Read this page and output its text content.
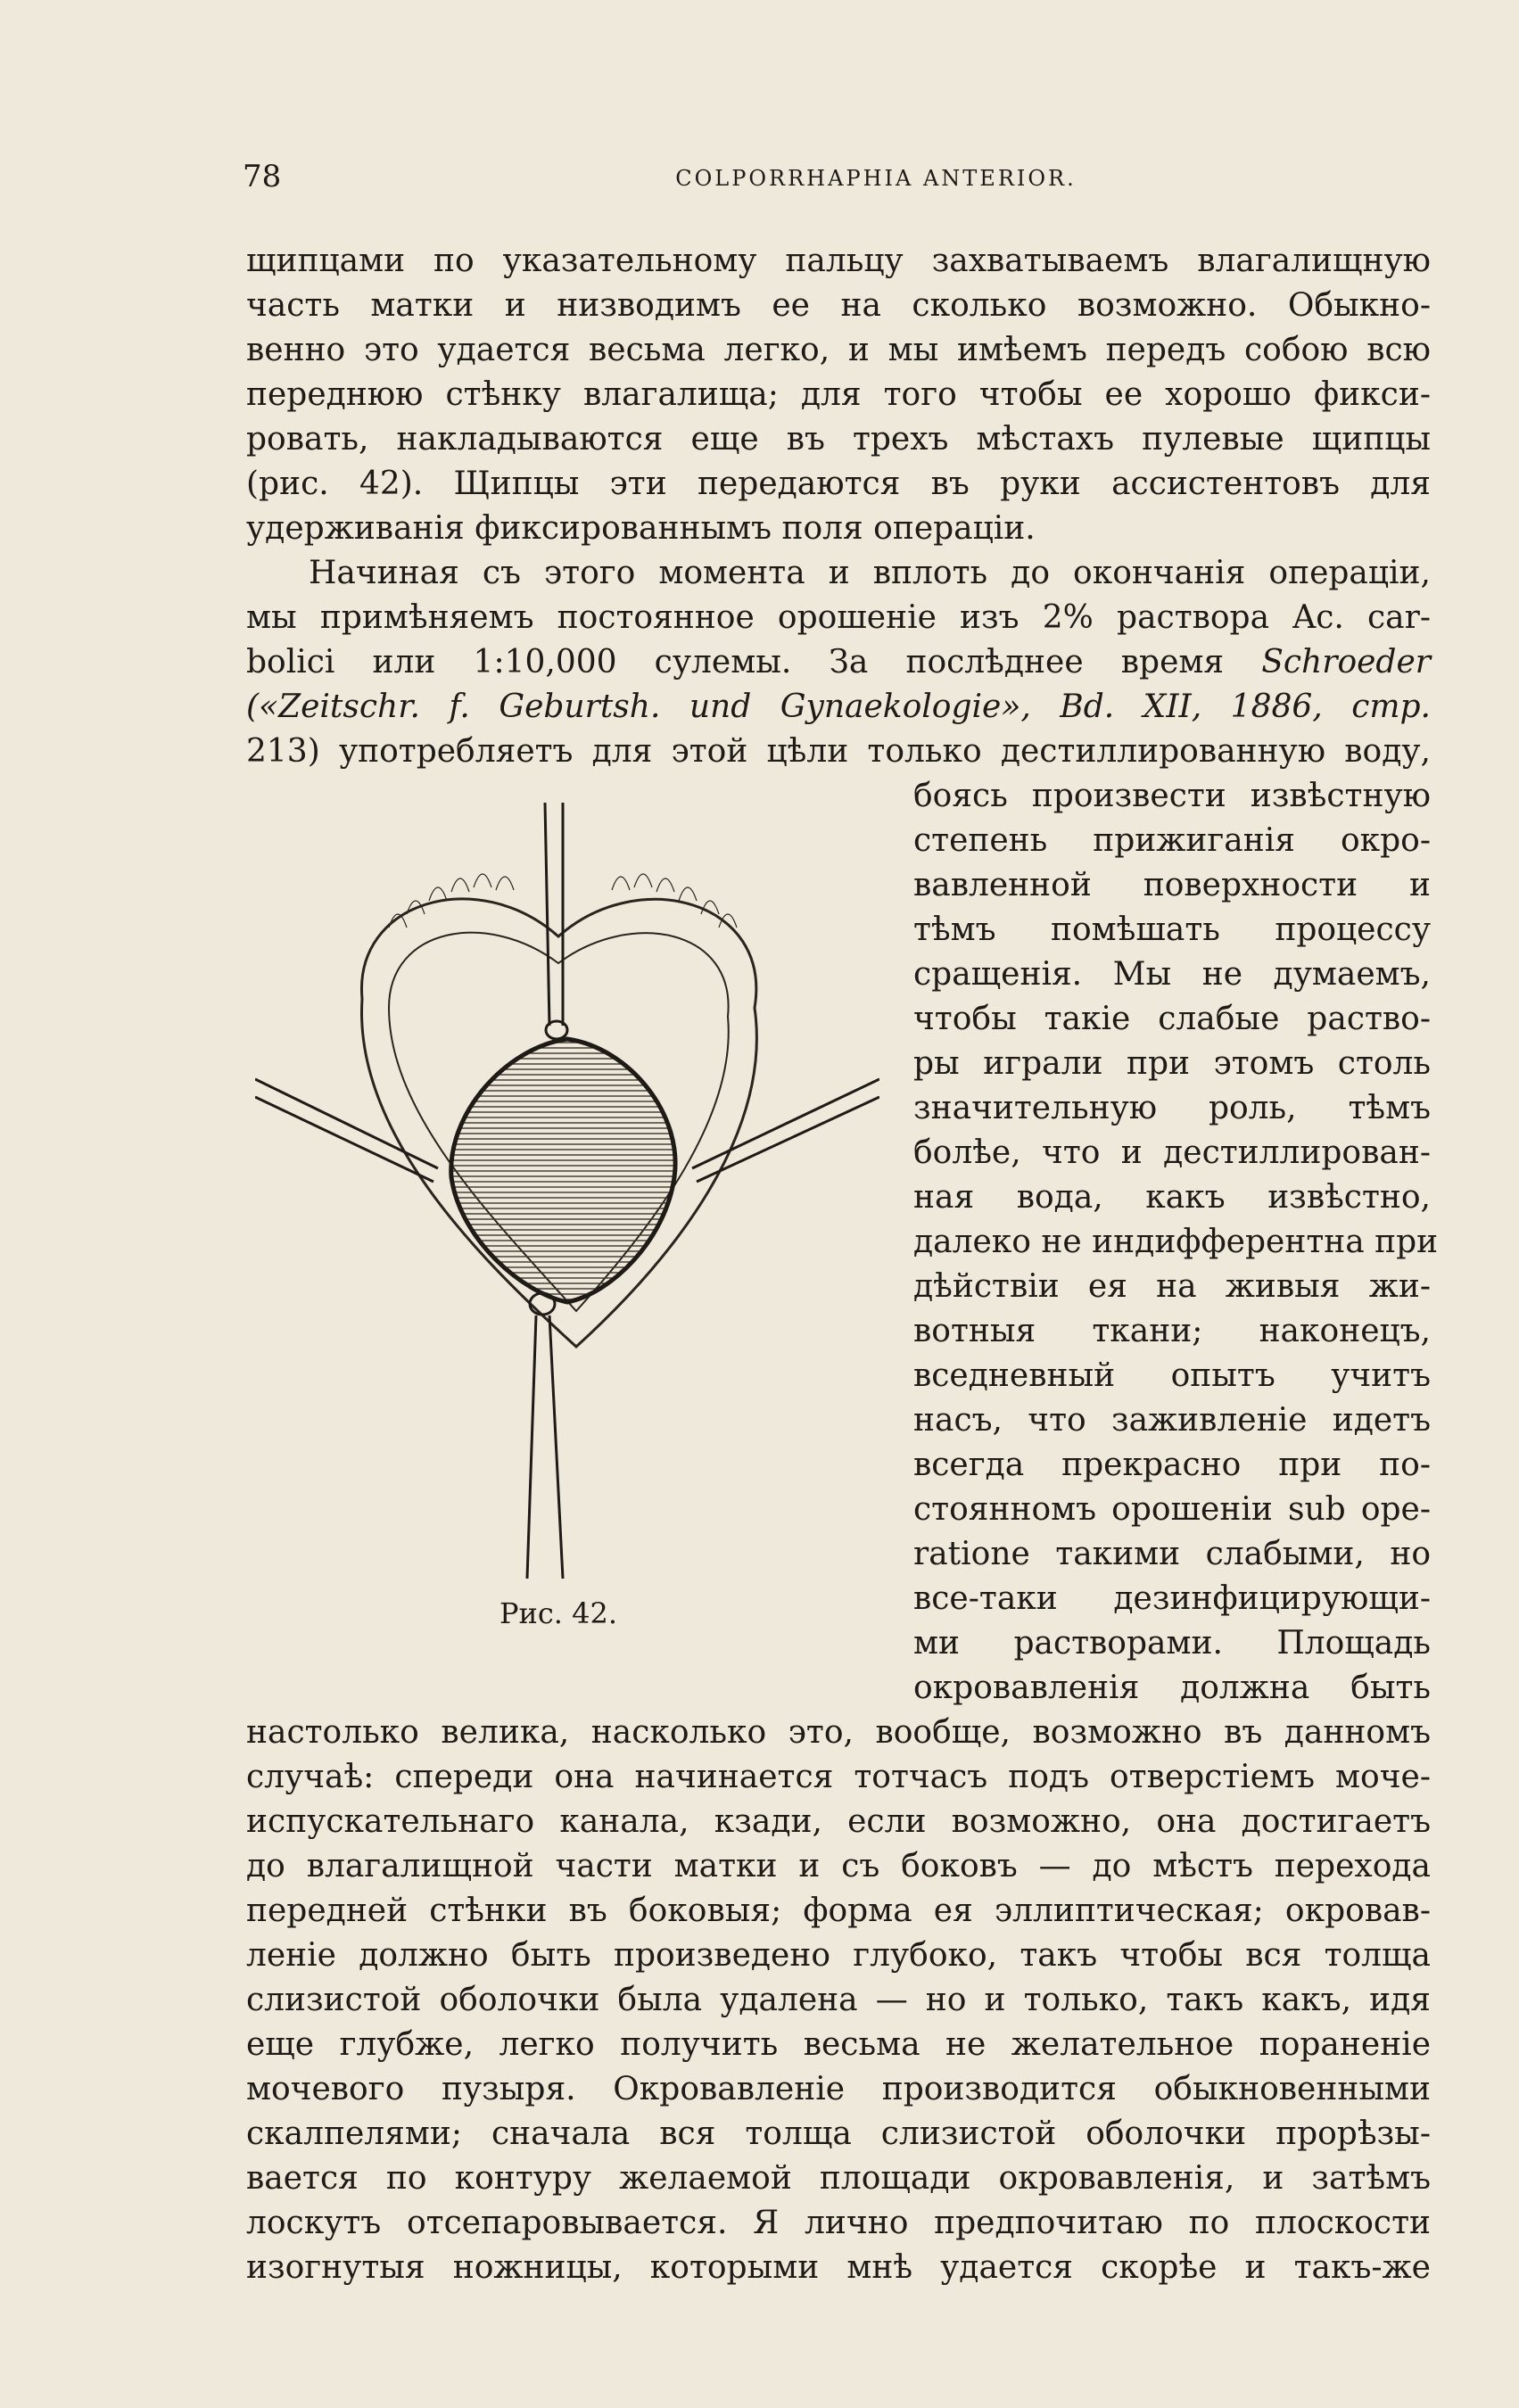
78	COLPORRHAPHIA ANTERIOR.
щипцами по указательному пальцу захватываемъ влагалищную
часть матки и низводимъ ее на сколько возможно. Обыкно-
венно это удается весьма легко, и мы имѣемъ передъ собою всю
переднюю стѣнку влагалища; для того чтобы ее хорошо фикси-
ровать, накладываются еще въ трехъ мѣстахъ пулевые щипцы
(рис. 42). Щипцы эти передаются въ руки ассистентовъ для
удерживанія фиксированнымъ поля операціи.
Начиная съ этого момента и вплоть до окончанія операціи,
мы примѣняемъ постоянное орошеніе изъ 2% раствора Ac. car-
bolici или 1:10,000 сулемы. За послѣднее время Schroeder
(«Zeitschr. f. Geburtsh. und Gynaekologie», Bd. XII, 1886, стр.
213) употребляетъ для этой цѣли только дестиллированную воду,
Рис. 42.
боясь произвести извѣстную
степень прижиганія окро-
вавленной поверхности и
тѣмъ помѣшать процессу
сращенія. Мы не думаемъ,
чтобы такіе слабые раство-
ры играли при этомъ столь
значительную роль, тѣмъ
болѣе, что и дестиллирован-
ная вода, какъ извѣстно,
далеко не индифферентна при
дѣйствіи ея на живыя жи-
вотныя ткани; наконецъ,
вседневный опытъ учитъ
насъ, что заживленіе идетъ
всегда прекрасно при по-
стоянномъ орошеніи sub ope-
ratione такими слабыми, но
все-таки дезинфицирующи-
ми растворами. Площадь
окровавленія должна быть
настолько велика, насколько это, вообще, возможно въ данномъ
случаѣ: спереди она начинается тотчасъ подъ отверстіемъ моче-
испускательнаго канала, кзади, если возможно, она достигаетъ
до влагалищной части матки и съ боковъ — до мѣстъ перехода
передней стѣнки въ боковыя; форма ея эллиптическая; окровав-
леніе должно быть произведено глубоко, такъ чтобы вся толща
слизистой оболочки была удалена — но и только, такъ какъ, идя
еще глубже, легко получить весьма не желательное пораненіе
мочевого пузыря. Окровавленіе производится обыкновенными
скалпелями; сначала вся толща слизистой оболочки прорѣзы-
вается по контуру желаемой площади окровавленія, и затѣмъ
лоскутъ отсепаровывается. Я лично предпочитаю по плоскости
изогнутыя ножницы, которыми мнѣ удается скорѣе и такъ-же
